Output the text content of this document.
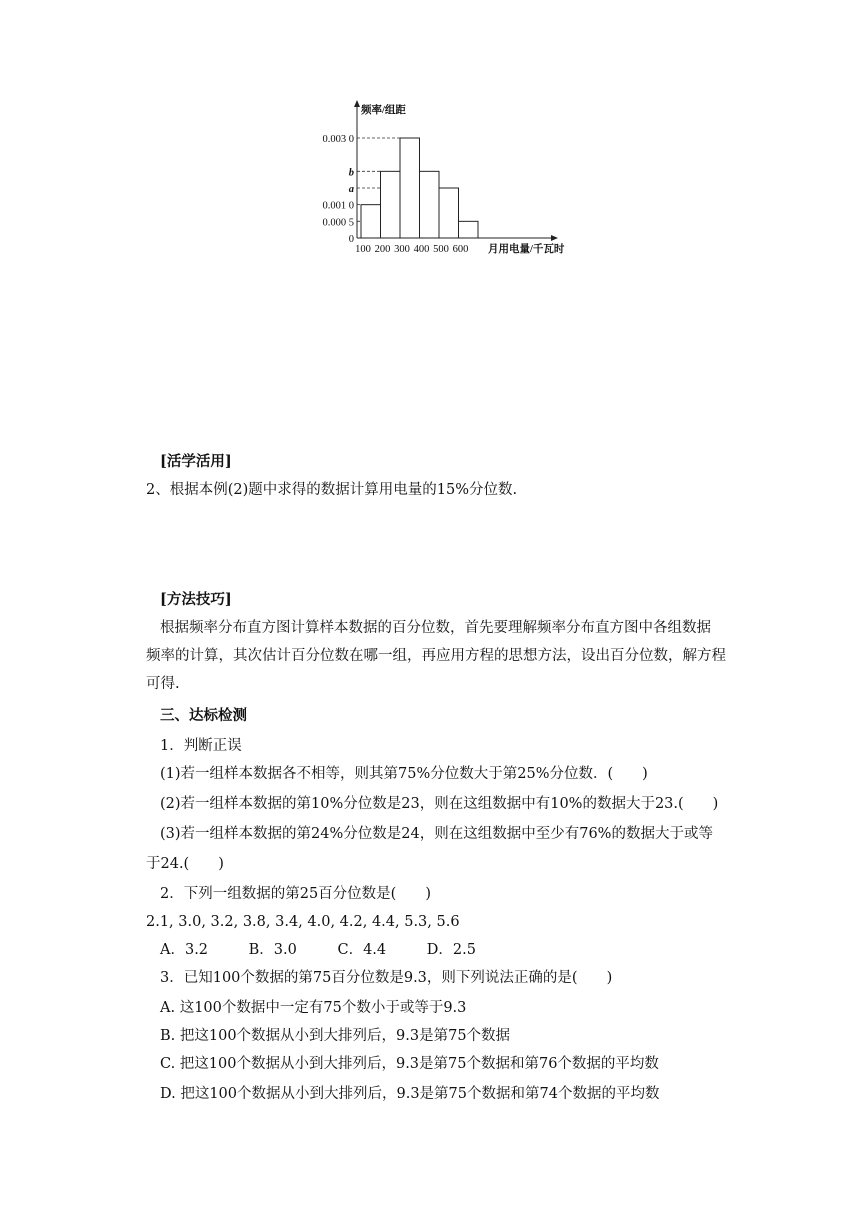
0
0.000 5
0.001 0
a
b
0.003 0
100 200 300 400 500 600
频率/组距
月用电量/千瓦时
[活学活用]
2、根据本例(2)题中求得的数据计算用电量的15%分位数.
[方法技巧]
根据频率分布直方图计算样本数据的百分位数，首先要理解频率分布直方图中各组数据
频率的计算，其次估计百分位数在哪一组，再应用方程的思想方法，设出百分位数，解方程
可得.
三、达标检测
1．判断正误
(1)若一组样本数据各不相等，则其第75%分位数大于第25%分位数．(　　)
(2)若一组样本数据的第10%分位数是23，则在这组数据中有10%的数据大于23.(　　)
(3)若一组样本数据的第24%分位数是24，则在这组数据中至少有76%的数据大于或等
于24.(　　)
2．下列一组数据的第25百分位数是(　　)
2.1, 3.0, 3.2, 3.8, 3.4, 4.0, 4.2, 4.4, 5.3, 5.6
A．3.2	B．3.0	C．4.4	D．2.5
3．已知100个数据的第75百分位数是9.3，则下列说法正确的是(　　)
A. 这100个数据中一定有75个数小于或等于9.3
B. 把这100个数据从小到大排列后，9.3是第75个数据
C. 把这100个数据从小到大排列后，9.3是第75个数据和第76个数据的平均数
D. 把这100个数据从小到大排列后，9.3是第75个数据和第74个数据的平均数
